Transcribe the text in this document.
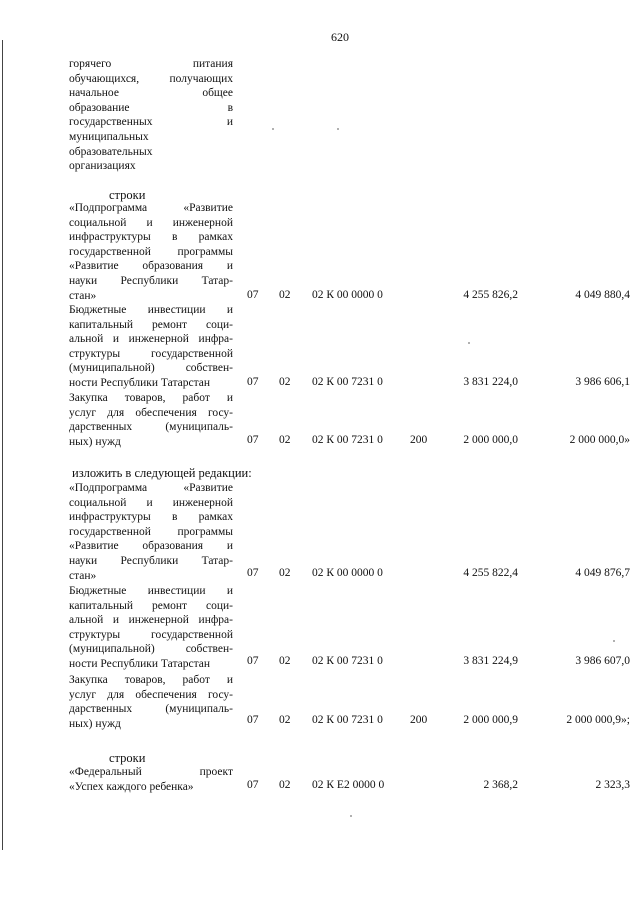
620
горячего питания
обучающихся, получающих
начальное общее
образование в
государственных и
муниципальных
образовательных
организациях
строки
«Подпрограмма «Развитие
социальной и инженерной
инфраструктуры в рамках
государственной программы
«Развитие образования и
науки Республики Татар-
стан»	07 02 02 К 00 0000 0	4 255 826,2	4 049 880,4
Бюджетные инвестиции и
капитальный ремонт соци-
альной и инженерной инфра-
структуры государственной
(муниципальной) собствен-
ности Республики Татарстан	07 02 02 К 00 7231 0	3 831 224,0	3 986 606,1
Закупка товаров, работ и
услуг для обеспечения госу-
дарственных (муниципаль-
ных) нужд	07 02 02 К 00 7231 0 200	2 000 000,0	2 000 000,0»
изложить в следующей редакции:
«Подпрограмма «Развитие
социальной и инженерной
инфраструктуры в рамках
государственной программы
«Развитие образования и
науки Республики Татар-
стан»	07 02 02 К 00 0000 0	4 255 822,4	4 049 876,7
Бюджетные инвестиции и
капитальный ремонт соци-
альной и инженерной инфра-
структуры государственной
(муниципальной) собствен-
ности Республики Татарстан	07 02 02 К 00 7231 0	3 831 224,9	3 986 607,0
Закупка товаров, работ и
услуг для обеспечения госу-
дарственных (муниципаль-
ных) нужд	07 02 02 К 00 7231 0 200	2 000 000,9	2 000 000,9»;
строки
«Федеральный проект
«Успех каждого ребенка»	07 02 02 К Е2 0000 0	2 368,2	2 323,3
